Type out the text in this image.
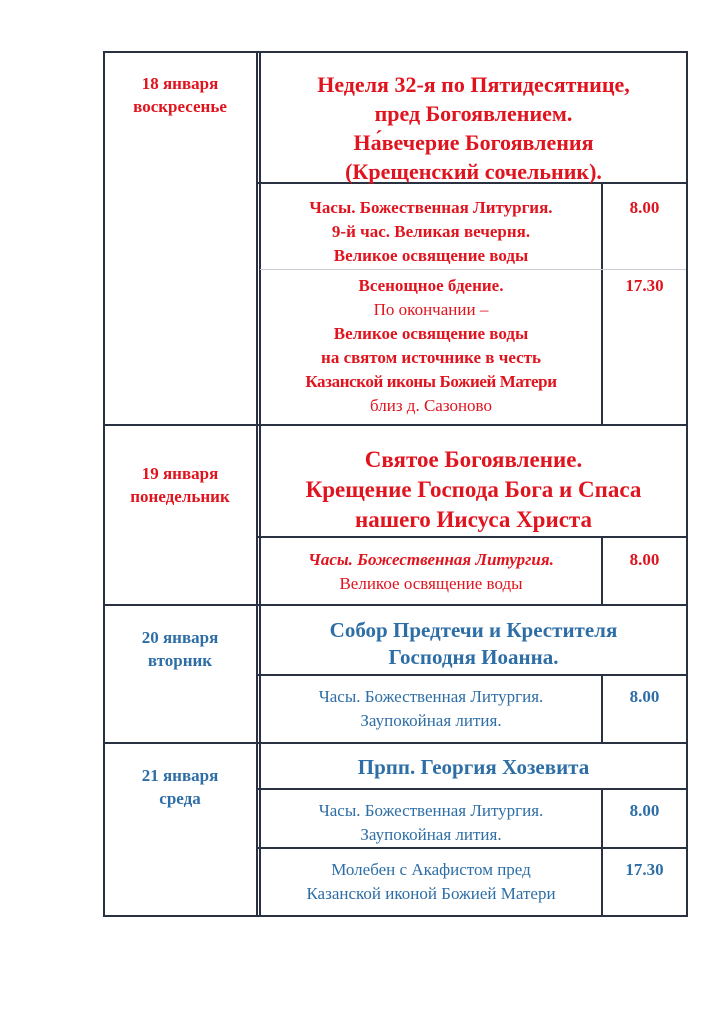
18 января
воскресенье
Неделя 32-я по Пятидесятнице,
пред Богоявлением.
На́вечерие Богоявления
(Крещенский сочельник).
Часы. Божественная Литургия.
9-й час. Великая вечерня.
Великое освящение воды
8.00
Всенощное бдение.
По окончании –
Великое освящение воды
на святом источнике в честь
Казанской иконы Божией Матери
близ д. Сазоново
17.30
19 января
понедельник
Святое Богоявление.
Крещение Господа Бога и Спаса
нашего Иисуса Христа
Часы. Божественная Литургия.
Великое освящение воды
8.00
20 января
вторник
Собор Предтечи и Крестителя
Господня Иоанна.
Часы. Божественная Литургия.
Заупокойная лития.
8.00
21 января
среда
Прпп. Георгия Хозевита
Часы. Божественная Литургия.
Заупокойная лития.
8.00
Молебен с Акафистом пред
Казанской иконой Божией Матери
17.30
